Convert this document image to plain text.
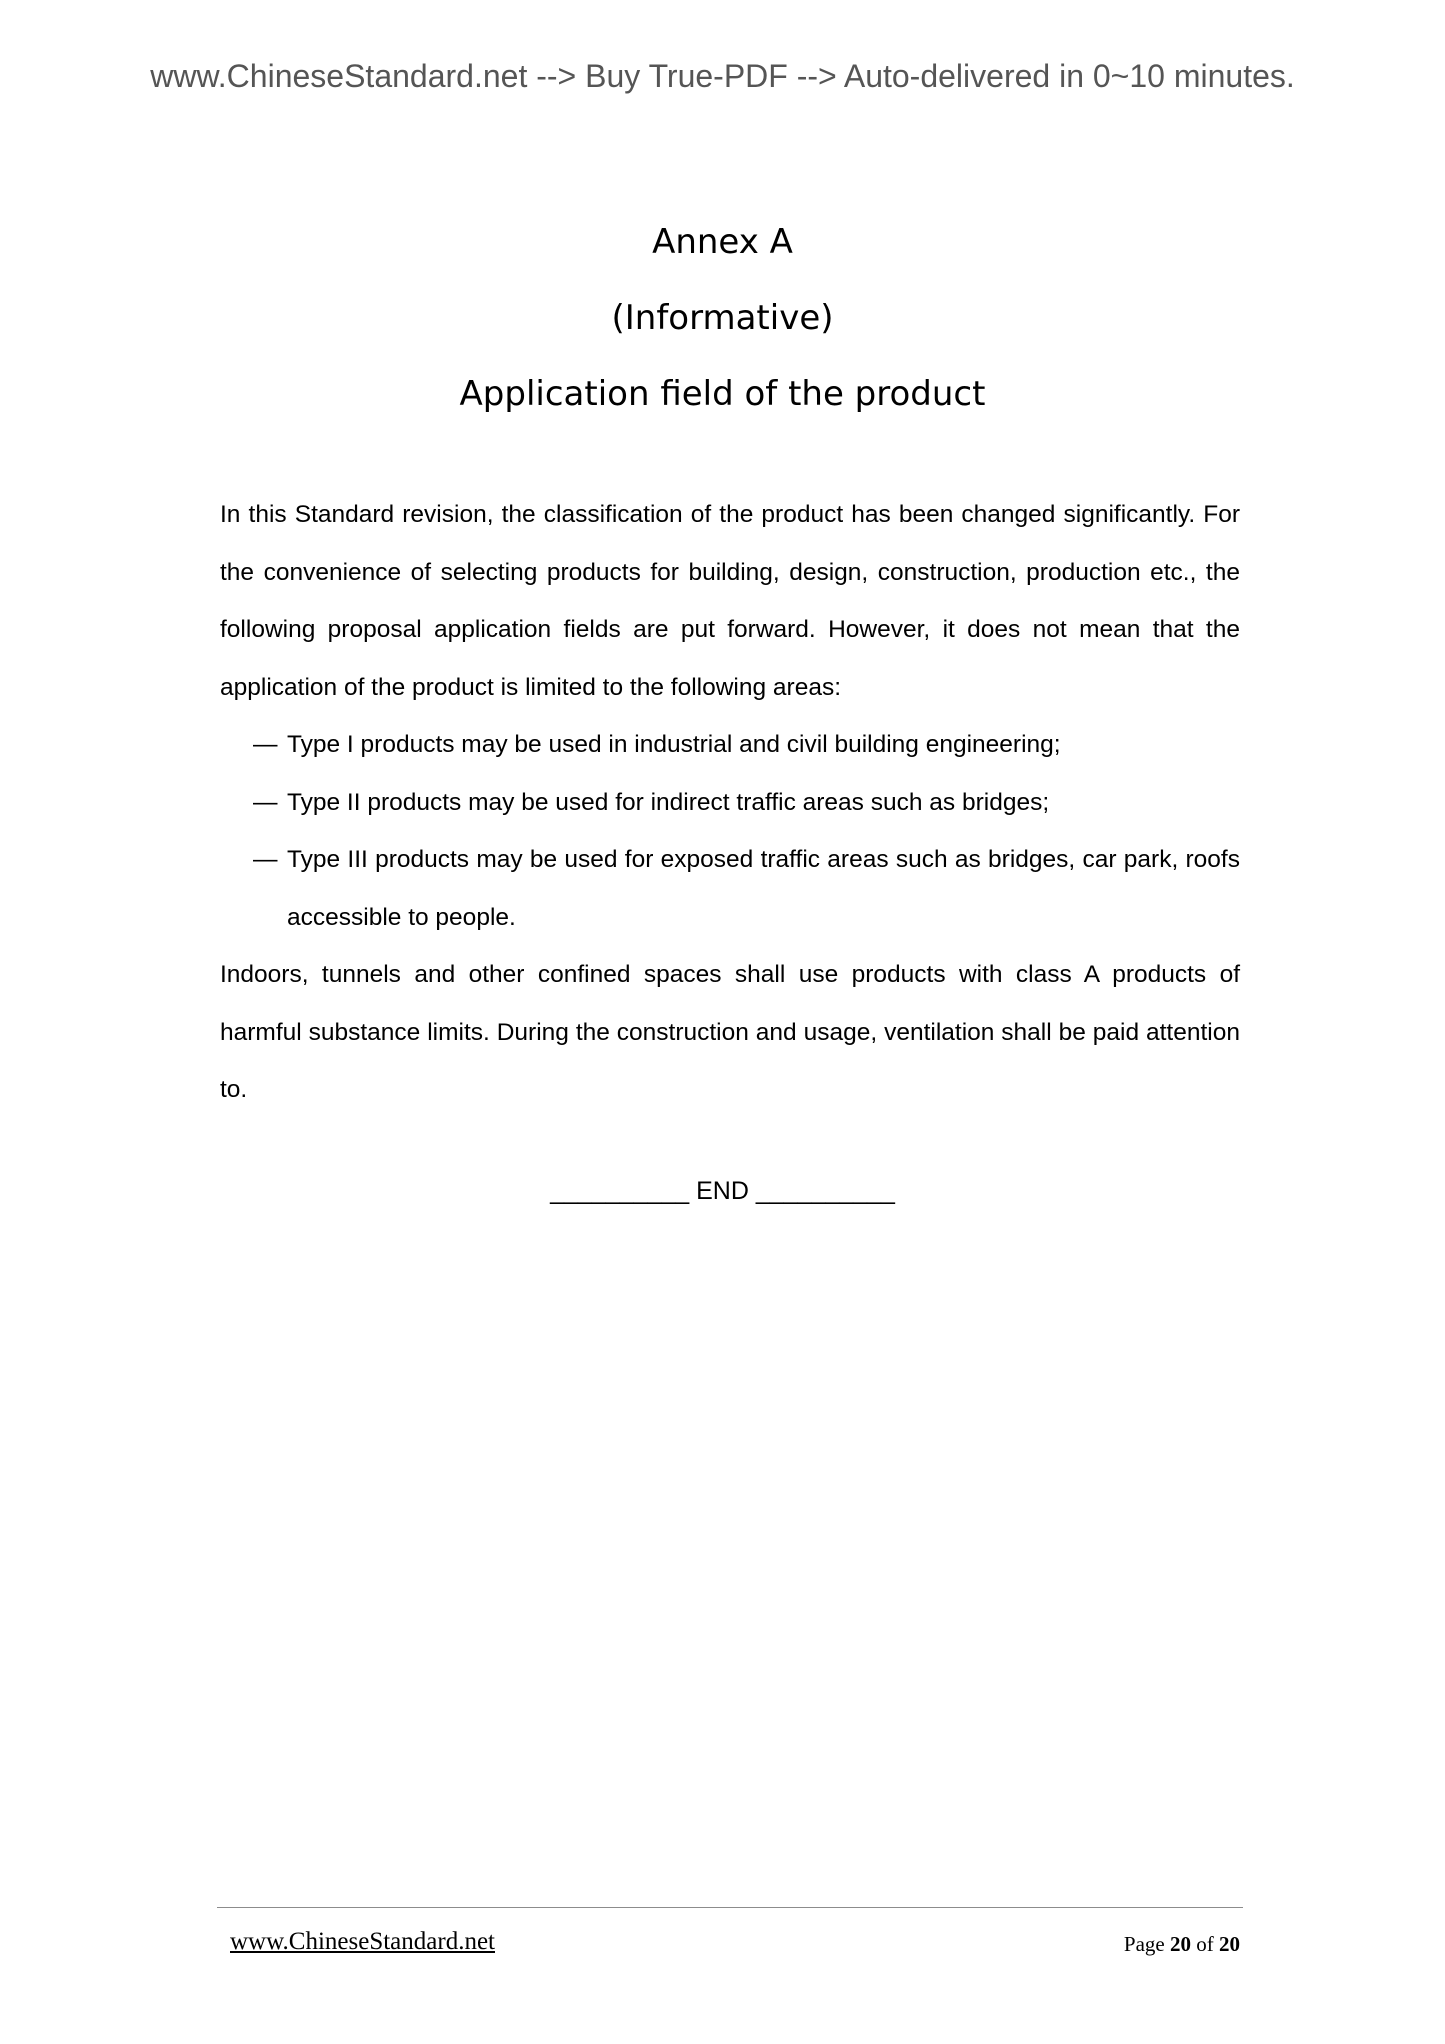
www.ChineseStandard.net --> Buy True-PDF --> Auto-delivered in 0~10 minutes.
Annex A
(Informative)
Application field of the product

In this Standard revision, the classification of the product has been changed significantly. For the convenience of selecting products for building, design, construction, production etc., the following proposal application fields are put forward. However, it does not mean that the application of the product is limited to the following areas:

— Type I products may be used in industrial and civil building engineering;
— Type II products may be used for indirect traffic areas such as bridges;
— Type III products may be used for exposed traffic areas such as bridges, car park, roofs accessible to people.

Indoors, tunnels and other confined spaces shall use products with class A products of harmful substance limits. During the construction and usage, ventilation shall be paid attention to.

__________ END __________
www.ChineseStandard.net	Page 20 of 20
